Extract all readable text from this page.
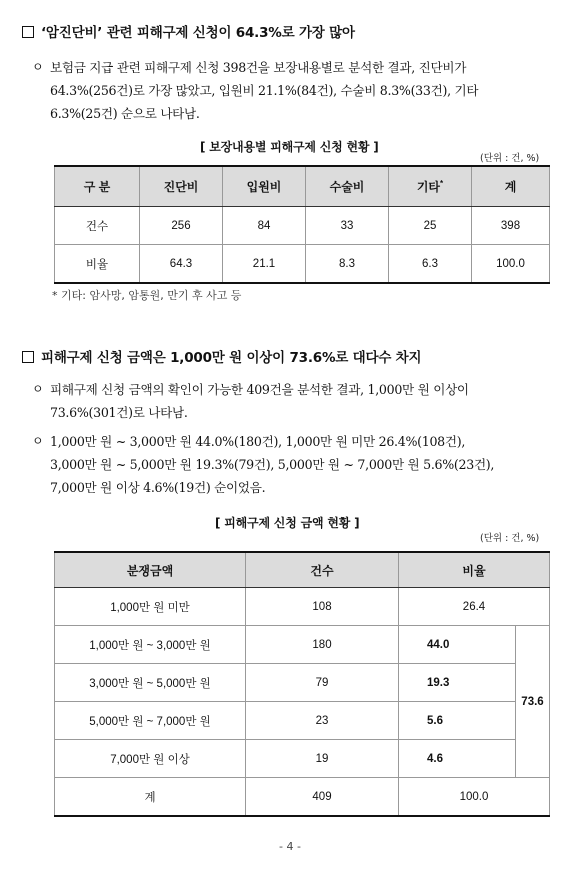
‘암진단비’ 관련 피해구제 신청이 64.3%로 가장 많아
ㅇ 보험금 지급 관련 피해구제 신청 398건을 보장내용별로 분석한 결과, 진단비가
64.3%(256건)로 가장 많았고, 입원비 21.1%(84건), 수술비 8.3%(33건), 기타
6.3%(25건) 순으로 나타남.
[ 보장내용별 피해구제 신청 현황 ]
(단위 : 건, %)
구 분	진단비	입원비	수술비	기타*	계
건수	256	84	33	25	398
비율	64.3	21.1	8.3	6.3	100.0
* 기타: 암사망, 암통원, 만기 후 사고 등
피해구제 신청 금액은 1,000만 원 이상이 73.6%로 대다수 차지
ㅇ 피해구제 신청 금액의 확인이 가능한 409건을 분석한 결과, 1,000만 원 이상이
73.6%(301건)로 나타남.
ㅇ 1,000만 원 ~ 3,000만 원 44.0%(180건), 1,000만 원 미만 26.4%(108건),
3,000만 원 ~ 5,000만 원 19.3%(79건), 5,000만 원 ~ 7,000만 원 5.6%(23건),
7,000만 원 이상 4.6%(19건) 순이었음.
[ 피해구제 신청 금액 현황 ]
(단위 : 건, %)
분쟁금액	건수	비율	
1,000만 원 미만	108	26.4	
1,000만 원 ~ 3,000만 원	180	44.0	73.6
3,000만 원 ~ 5,000만 원	79	19.3	
5,000만 원 ~ 7,000만 원	23	5.6	
7,000만 원 이상	19	4.6	
계	409	100.0	
- 4 -
